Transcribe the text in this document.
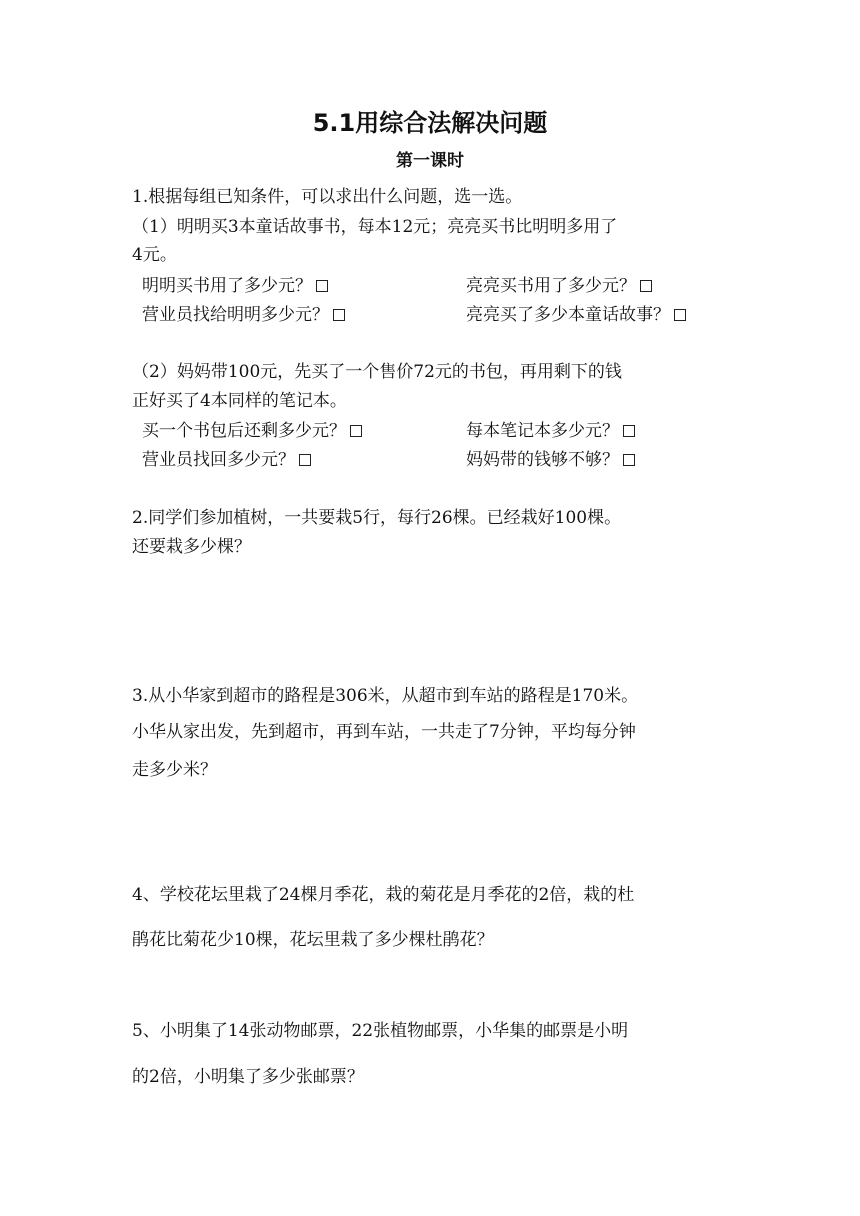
5.1用综合法解决问题
第一课时
1.根据每组已知条件，可以求出什么问题，选一选。
（1）明明买3本童话故事书，每本12元；亮亮买书比明明多用了
4元。
明明买书用了多少元？	亮亮买书用了多少元？
营业员找给明明多少元？	亮亮买了多少本童话故事？
（2）妈妈带100元，先买了一个售价72元的书包，再用剩下的钱
正好买了4本同样的笔记本。
买一个书包后还剩多少元？	每本笔记本多少元？
营业员找回多少元？	妈妈带的钱够不够？
2.同学们参加植树，一共要栽5行，每行26棵。已经栽好100棵。
还要栽多少棵？
3.从小华家到超市的路程是306米，从超市到车站的路程是170米。
小华从家出发，先到超市，再到车站，一共走了7分钟，平均每分钟
走多少米？
4、学校花坛里栽了24棵月季花，栽的菊花是月季花的2倍，栽的杜
鹃花比菊花少10棵，花坛里栽了多少棵杜鹃花？
5、小明集了14张动物邮票，22张植物邮票，小华集的邮票是小明
的2倍，小明集了多少张邮票？
